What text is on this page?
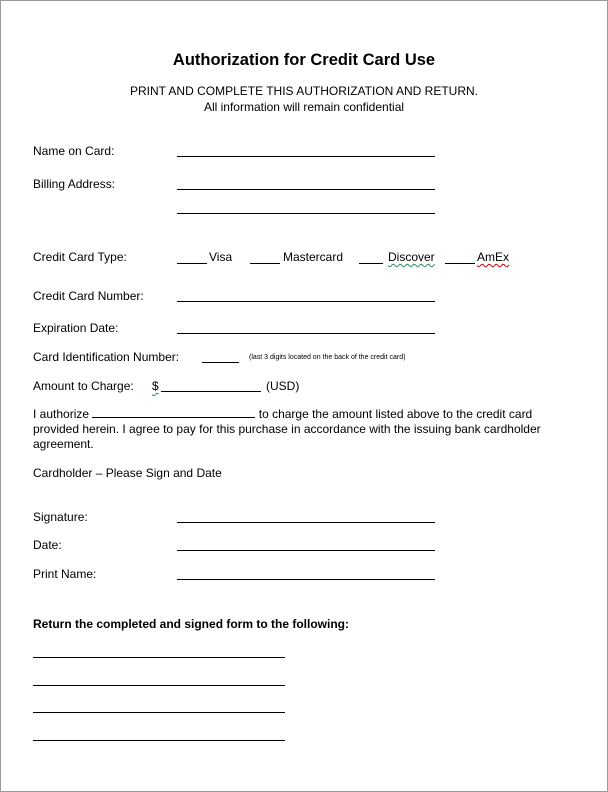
Authorization for Credit Card Use
PRINT AND COMPLETE THIS AUTHORIZATION AND RETURN.
All information will remain confidential
Name on Card:
Billing Address:
Credit Card Type:	Visa	Mastercard	Discover	AmEx
Credit Card Number:
Expiration Date:
Card Identification Number:	(last 3 digits located on the back of the credit card)
Amount to Charge: $	(USD)
I authorize	to charge the amount listed above to the credit card provided herein. I agree to pay for this purchase in accordance with the issuing bank cardholder agreement.
Cardholder – Please Sign and Date
Signature:
Date:
Print Name:
Return the completed and signed form to the following:
